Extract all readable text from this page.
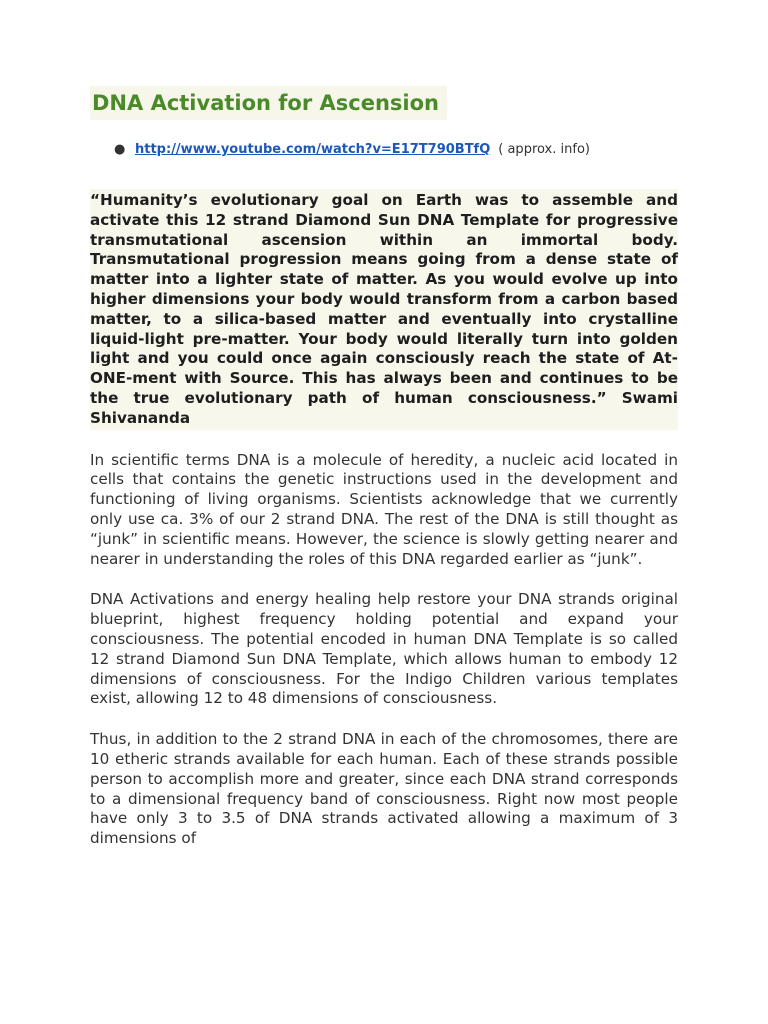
DNA Activation for Ascension
● http://www.youtube.com/watch?v=E17T790BTfQ ( approx. info)
“Humanity’s evolutionary goal on Earth was to assemble and activate this 12 strand Diamond Sun DNA Template for progressive transmutational ascension within an immortal body. Transmutational progression means going from a dense state of matter into a lighter state of matter. As you would evolve up into higher dimensions your body would transform from a carbon based matter, to a silica-based matter and eventually into crystalline liquid-light pre-matter. Your body would literally turn into golden light and you could once again consciously reach the state of At-ONE-ment with Source. This has always been and continues to be the true evolutionary path of human consciousness.” Swami Shivananda

In scientific terms DNA is a molecule of heredity, a nucleic acid located in cells that contains the genetic instructions used in the development and functioning of living organisms. Scientists acknowledge that we currently only use ca. 3% of our 2 strand DNA. The rest of the DNA is still thought as “junk” in scientific means. However, the science is slowly getting nearer and nearer in understanding the roles of this DNA regarded earlier as “junk”.

DNA Activations and energy healing help restore your DNA strands original blueprint, highest frequency holding potential and expand your consciousness. The potential encoded in human DNA Template is so called 12 strand Diamond Sun DNA Template, which allows human to embody 12 dimensions of consciousness. For the Indigo Children various templates exist, allowing 12 to 48 dimensions of consciousness.

Thus, in addition to the 2 strand DNA in each of the chromosomes, there are 10 etheric strands available for each human. Each of these strands possible person to accomplish more and greater, since each DNA strand corresponds to a dimensional frequency band of consciousness. Right now most people have only 3 to 3.5 of DNA strands activated allowing a maximum of 3 dimensions of
